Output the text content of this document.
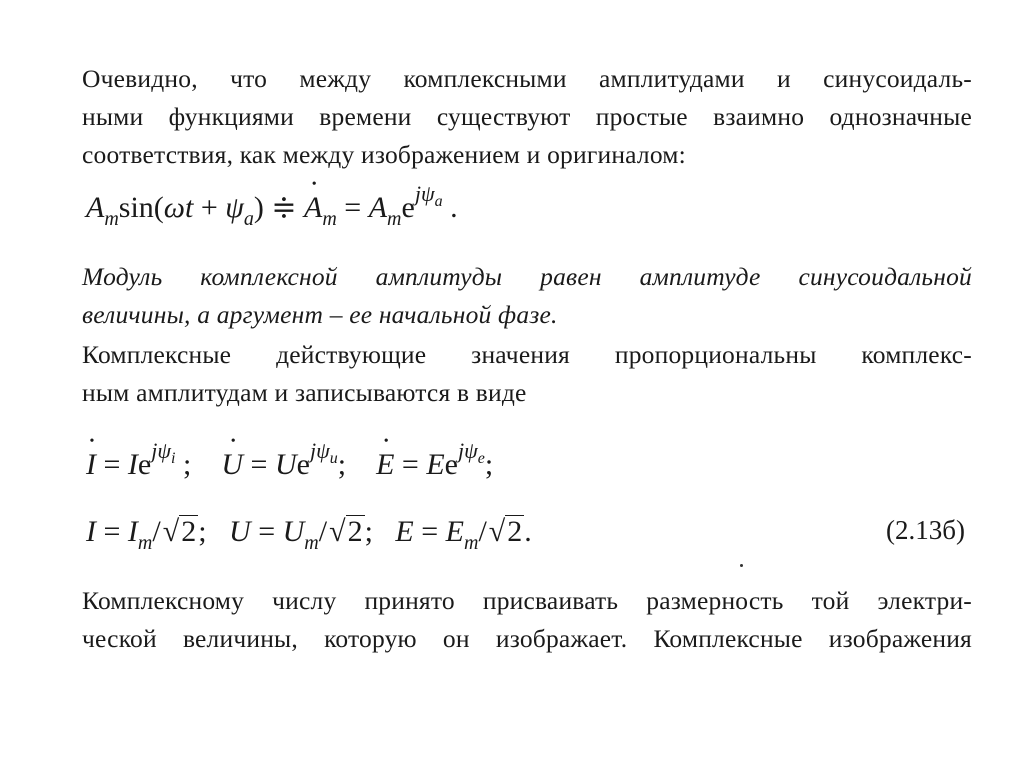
Очевидно, что между комплексными амплитудами и синусоидаль-
ными функциями времени существуют простые взаимно однозначные
соответствия, как между изображением и оригиналом:
$A_m\sin(\omega t + \psi_a)$ ≑ • $A_m = A_me^{j\psi_a}$ .
Модуль комплексной амплитуды равен амплитуде синусоидальной
величины, а аргумент – ее начальной фазе.
Комплексные действующие значения пропорциональны комплекс-
ным амплитудам и записываются в виде
• $I = Ie^{j\psi_i}$ ; • $U = Ue^{j\psi_u}$; • $E = Ee^{j\psi_e}$;
$I = I_m/√2$; $U = U_m/√2$; $E = E_m/√2$.	(2.13б)
Комплексному числу принято присваивать размерность той электри-
ческой величины, которую он изображает. Комплексные изображения
